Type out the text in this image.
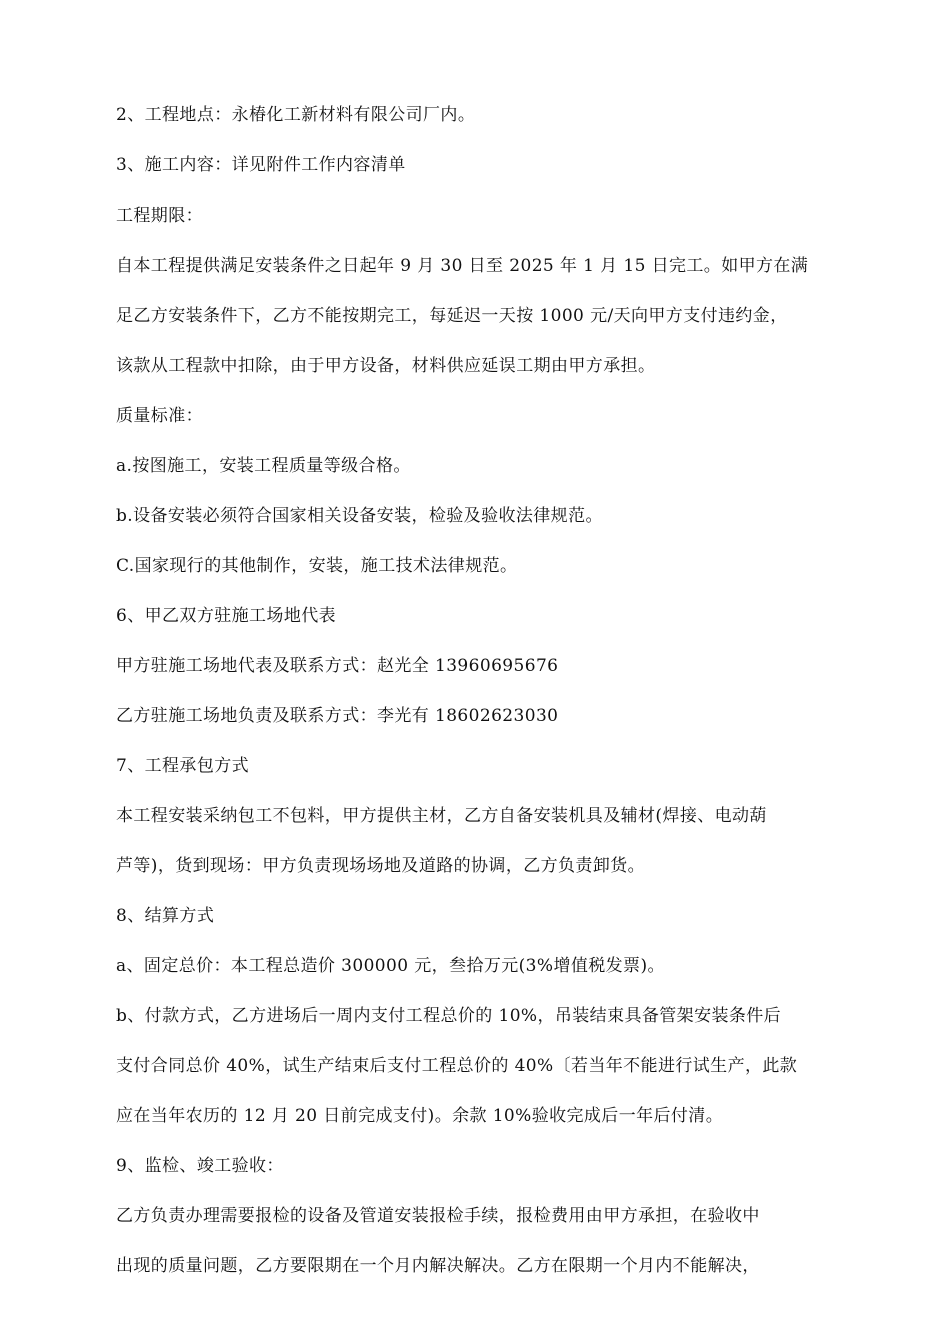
2、工程地点：永椿化工新材料有限公司厂内。
3、施工内容：详见附件工作内容清单
工程期限：
自本工程提供满足安装条件之日起年 9 月 30 日至 2025 年 1 月 15 日完工。如甲方在满
足乙方安装条件下，乙方不能按期完工，每延迟一天按 1000 元/天向甲方支付违约金，
该款从工程款中扣除，由于甲方设备，材料供应延误工期由甲方承担。
质量标准：
a.按图施工，安装工程质量等级合格。
b.设备安装必须符合国家相关设备安装，检验及验收法律规范。
C.国家现行的其他制作，安装，施工技术法律规范。
6、甲乙双方驻施工场地代表
甲方驻施工场地代表及联系方式：赵光全 13960695676
乙方驻施工场地负责及联系方式：李光有 18602623030
7、工程承包方式
本工程安装采纳包工不包料，甲方提供主材，乙方自备安装机具及辅材(焊接、电动葫
芦等)，货到现场：甲方负责现场场地及道路的协调，乙方负责卸货。
8、结算方式
a、固定总价：本工程总造价 300000 元，叁拾万元(3%增值税发票)。
b、付款方式，乙方进场后一周内支付工程总价的 10%，吊装结束具备管架安装条件后
支付合同总价 40%，试生产结束后支付工程总价的 40%〔若当年不能进行试生产，此款
应在当年农历的 12 月 20 日前完成支付)。余款 10%验收完成后一年后付清。
9、监检、竣工验收：
乙方负责办理需要报检的设备及管道安装报检手续，报检费用由甲方承担，在验收中
出现的质量问题，乙方要限期在一个月内解决解决。乙方在限期一个月内不能解决，
